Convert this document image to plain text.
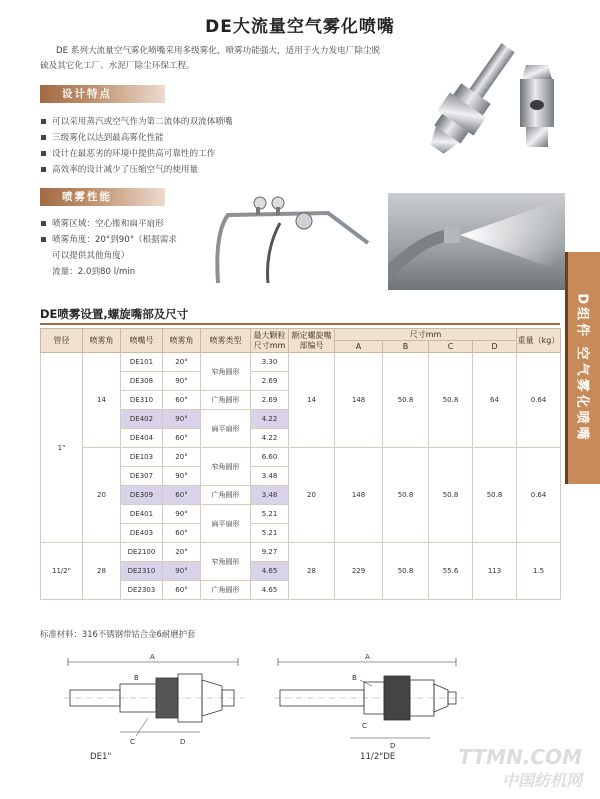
DE大流量空气雾化喷嘴
DE 系列大流量空气雾化喷嘴采用多级雾化，喷雾功能强大，适用于火力发电厂除尘脱硫及其它化工厂、水泥厂除尘环保工程。
设计特点
可以采用蒸汽或空气作为第二流体的双流体喷嘴
三级雾化以达到最高雾化性能
设计在最恶劣的环境中提供高可靠性的工作
高效率的设计减少了压缩空气的使用量
喷雾性能
喷雾区域：空心锥和扁平扇形
喷雾角度：20°到90°（根据需求
可以提供其他角度）
流量：2.0到80 l/min
D组件 空气雾化喷嘴
DE喷雾设置,螺旋嘴部及尺寸
管径	喷雾角	喷嘴号	喷雾角	喷雾类型	最大颗粒尺寸mm	额定螺旋嘴部编号	尺寸mm				重量（kg）
							A	B	C	D	
1"	14	DE101	20°	窄角圆形	3.30	14	148	50.8	50.8	64	0.64
		DE308	90°		2.69						
		DE310	60°	广角圆形	2.69						
		DE402	90°	扁平扇形	4.22						
		DE404	60°		4.22						
	20	DE103	20°	窄角圆形	6.60	20	148	50.8	50.8	50.8	0.64
		DE307	90°		3.48						
		DE309	60°	广角圆形	3.48						
		DE401	90°	扁平扇形	5.21						
		DE403	60°		5.21						
11/2"	28	DE2100	20°	窄角圆形	9.27	28	229	50.8	55.6	113	1.5
		DE2310	90°		4.65						
		DE2303	60°	广角圆形	4.65						
标准材料：316不锈钢带钴合金6耐磨护套
A
B
C	D
DE1"
A
B
C
D
11/2"DE	TTMN.COM
中国纺机网
